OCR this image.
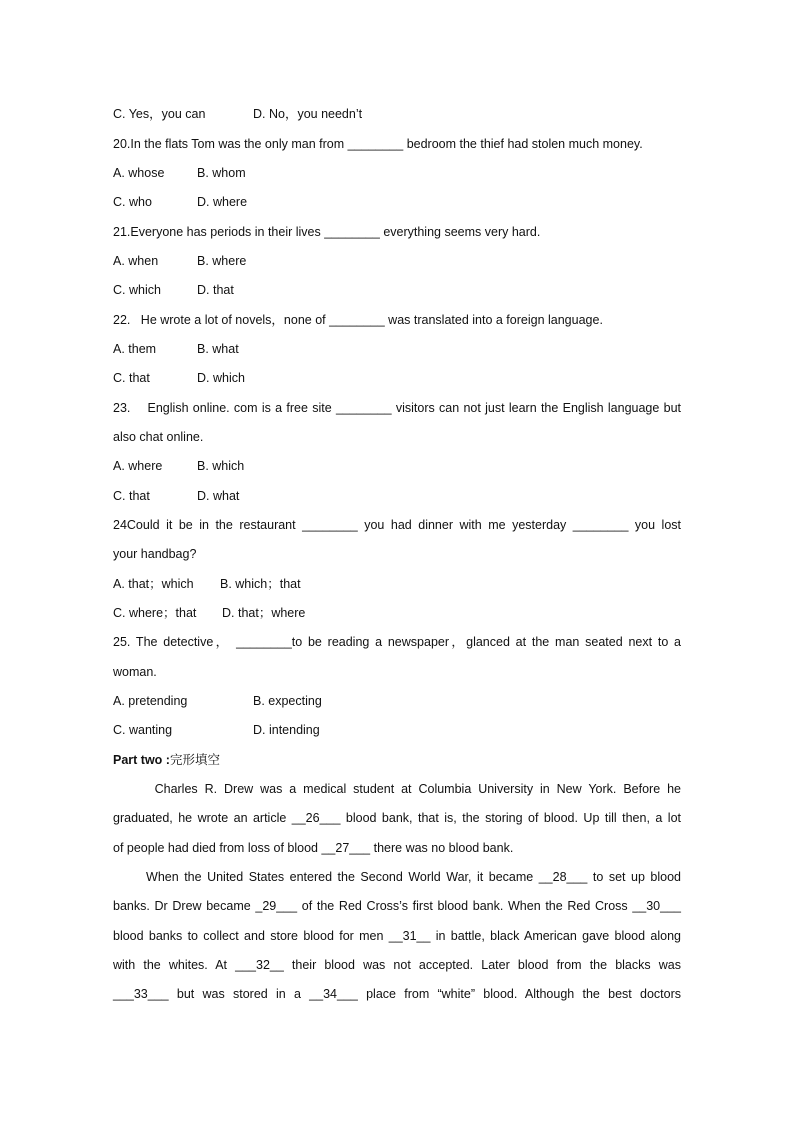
C. Yes，you can	D. No，you needn’t
20.In the flats Tom was the only man from ________ bedroom the thief had stolen much money.
A. whose	B. whom
C. who	D. where
21.Everyone has periods in their lives ________ everything seems very hard.
A. when	B. where
C. which	D. that
22.   He wrote a lot of novels，none of ________ was translated into a foreign language.
A. them	B. what
C. that	D. which
23.    English online. com is a free site ________ visitors can not just learn the English language but
also chat online.
A. where	B. which
C. that	D. what
24Could it be in the restaurant ________ you had dinner with me yesterday ________ you lost
your handbag?
A. that；which B. which；that
C. where；that D. that；where
25. The detective， ________to be reading a newspaper，glanced at the man seated next to a
woman.
A. pretending	B. expecting
C. wanting	D. intending
Part two :完形填空
Charles R. Drew was a medical student at Columbia University in New York. Before he
graduated, he wrote an article __26___ blood bank, that is, the storing of blood. Up till then, a lot
of people had died from loss of blood __27___ there was no blood bank.
When the United States entered the Second World War, it became __28___ to set up blood
banks. Dr Drew became _29___ of the Red Cross’s first blood bank. When the Red Cross __30___
blood banks to collect and store blood for men __31__ in battle, black American gave blood along
with the whites. At ___32__ their blood was not accepted. Later blood from the blacks was
___33___ but was stored in a __34___ place from “white” blood. Although the best doctors
